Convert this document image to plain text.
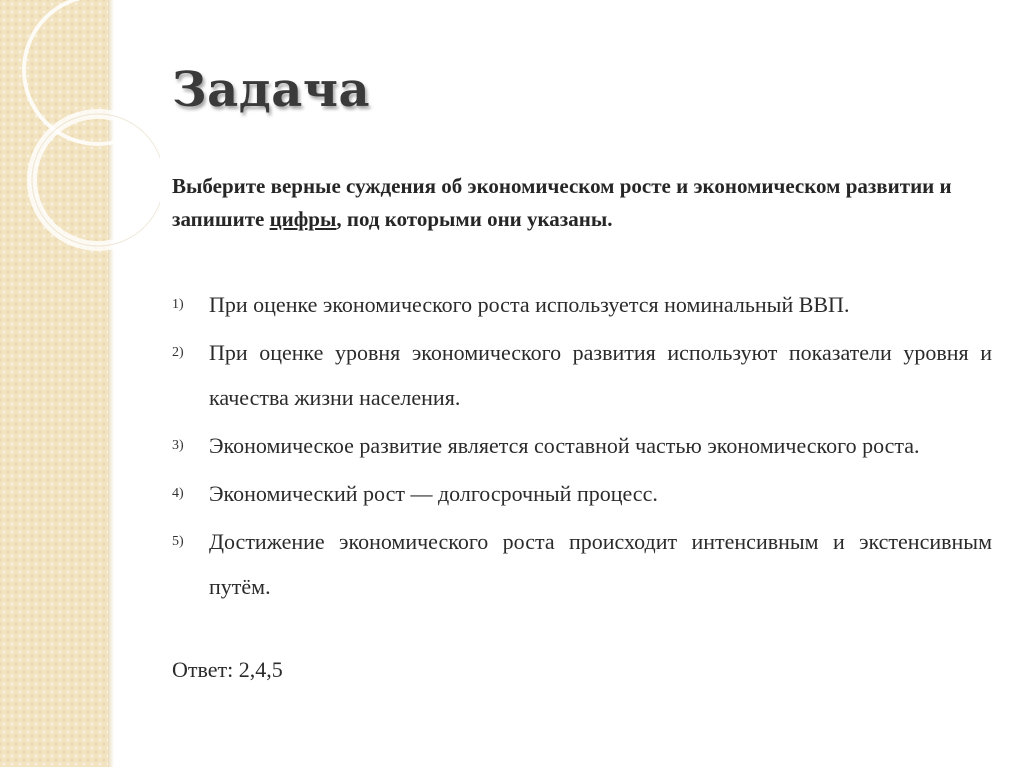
Задача

Выберите верные суждения об экономическом росте и экономическом развитии и запишите цифры, под которыми они указаны.

1) При оценке экономического роста используется номинальный ВВП.
2) При оценке уровня экономического развития используют показатели уровня и качества жизни населения.
3) Экономическое развитие является составной частью экономического роста.
4) Экономический рост — долгосрочный процесс.
5) Достижение экономического роста происходит интенсивным и экстенсивным путём.

Ответ: 2,4,5
